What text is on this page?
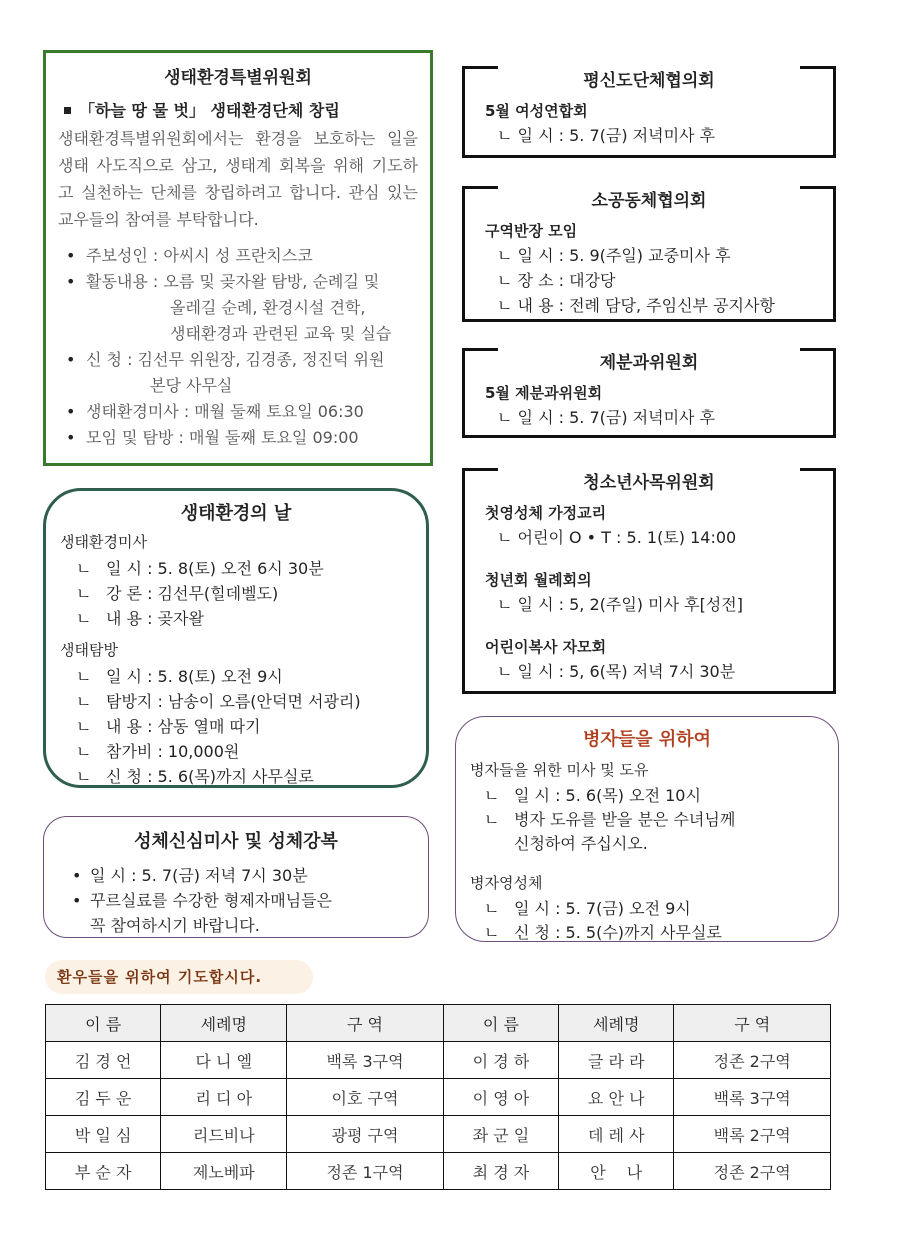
생태환경특별위원회
「하늘 땅 물 벗」 생태환경단체 창립
생태환경특별위원회에서는 환경을 보호하는 일을 생태 사도직으로 삼고, 생태계 회복을 위해 기도하고 실천하는 단체를 창립하려고 합니다. 관심 있는 교우들의 참여를 부탁합니다.
• 주보성인 : 아씨시 성 프란치스코
• 활동내용 : 오름 및 곶자왈 탐방, 순례길 및
올레길 순례, 환경시설 견학,
생태환경과 관련된 교육 및 실습
• 신 청 : 김선무 위원장, 김경종, 정진덕 위원
본당 사무실
• 생태환경미사 : 매월 둘째 토요일 06:30
• 모임 및 탐방 : 매월 둘째 토요일 09:00
생태환경의 날
생태환경미사
ㄴ 일 시 : 5. 8(토) 오전 6시 30분
ㄴ 강 론 : 김선무(힐데벨도)
ㄴ 내 용 : 곶자왈
생태탐방
ㄴ 일 시 : 5. 8(토) 오전 9시
ㄴ 탐방지 : 남송이 오름(안덕면 서광리)
ㄴ 내 용 : 삼동 열매 따기
ㄴ 참가비 : 10,000원
ㄴ 신 청 : 5. 6(목)까지 사무실로
성체신심미사 및 성체강복
• 일 시 : 5. 7(금) 저녁 7시 30분
• 꾸르실료를 수강한 형제자매님들은
꼭 참여하시기 바랍니다.
평신도단체협의회
5월 여성연합회
ㄴ 일 시 : 5. 7(금) 저녁미사 후
소공동체협의회
구역반장 모임
ㄴ 일 시 : 5. 9(주일) 교중미사 후
ㄴ 장 소 : 대강당
ㄴ 내 용 : 전례 담당, 주임신부 공지사항
제분과위원회
5월 제분과위원회
ㄴ 일 시 : 5. 7(금) 저녁미사 후
청소년사목위원회
첫영성체 가정교리
ㄴ 어린이 O • T : 5. 1(토) 14:00
청년회 월례회의
ㄴ 일 시 : 5, 2(주일) 미사 후[성전]
어린이복사 자모회
ㄴ 일 시 : 5, 6(목) 저녁 7시 30분
병자들을 위하여
병자들을 위한 미사 및 도유
ㄴ 일 시 : 5. 6(목) 오전 10시
ㄴ 병자 도유를 받을 분은 수녀님께
신청하여 주십시오.
병자영성체
ㄴ 일 시 : 5. 7(금) 오전 9시
ㄴ 신 청 : 5. 5(수)까지 사무실로
환우들을 위하여 기도합시다.
이 름	세례명	구 역	이 름	세례명	구 역
김 경 언	다 니 엘	백록 3구역	이 경 하	글 라 라	정존 2구역
김 두 운	리 디 아	이호 구역	이 영 아	요 안 나	백록 3구역
박 일 심	리드비나	광평 구역	좌 군 일	데 레 사	백록 2구역
부 순 자	제노베파	정존 1구역	최 경 자	안　 나	정존 2구역
